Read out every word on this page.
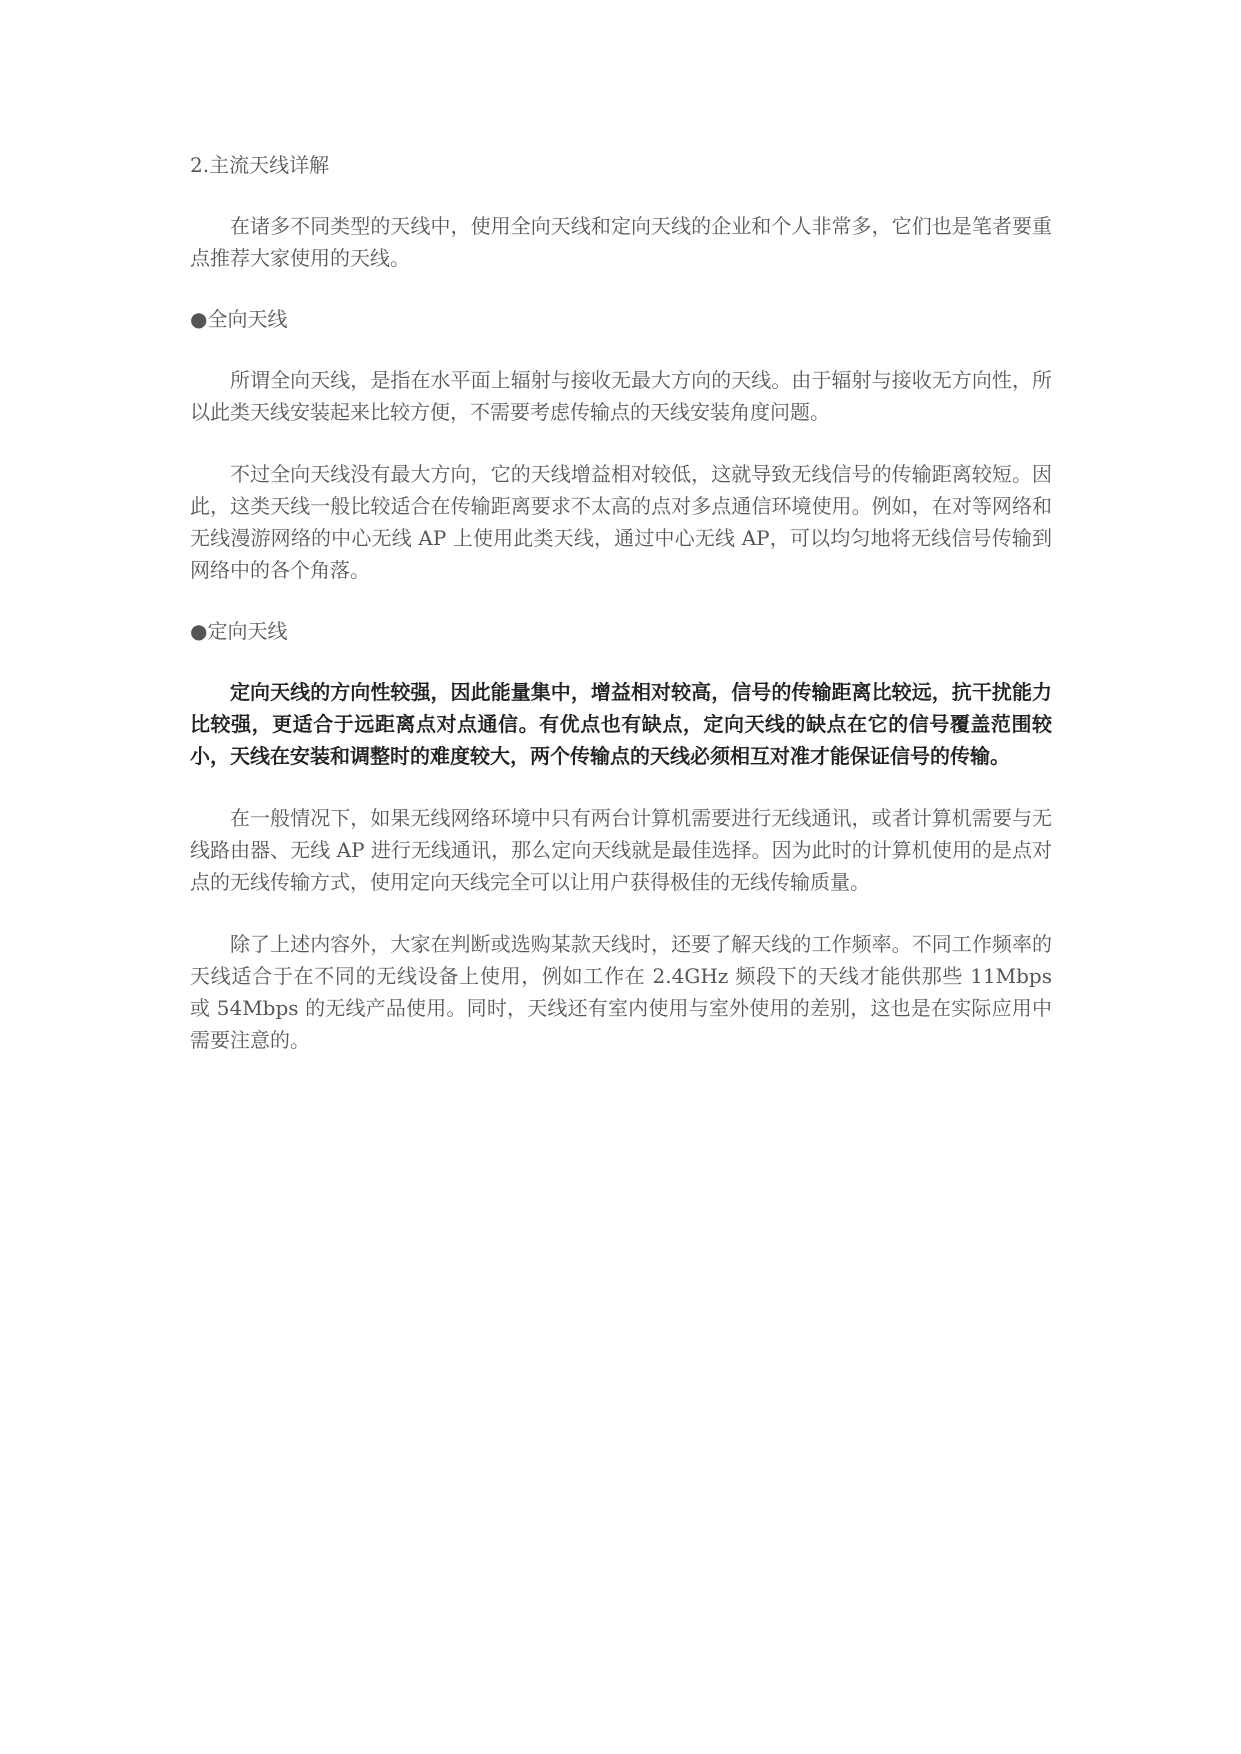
2.主流天线详解

在诸多不同类型的天线中，使用全向天线和定向天线的企业和个人非常多，它们也是笔者要重点推荐大家使用的天线。

●全向天线

所谓全向天线，是指在水平面上辐射与接收无最大方向的天线。由于辐射与接收无方向性，所以此类天线安装起来比较方便，不需要考虑传输点的天线安装角度问题。

不过全向天线没有最大方向，它的天线增益相对较低，这就导致无线信号的传输距离较短。因此，这类天线一般比较适合在传输距离要求不太高的点对多点通信环境使用。例如，在对等网络和无线漫游网络的中心无线 AP 上使用此类天线，通过中心无线 AP，可以均匀地将无线信号传输到网络中的各个角落。

●定向天线

定向天线的方向性较强，因此能量集中，增益相对较高，信号的传输距离比较远，抗干扰能力比较强，更适合于远距离点对点通信。有优点也有缺点，定向天线的缺点在它的信号覆盖范围较小，天线在安装和调整时的难度较大，两个传输点的天线必须相互对准才能保证信号的传输。

在一般情况下，如果无线网络环境中只有两台计算机需要进行无线通讯，或者计算机需要与无线路由器、无线 AP 进行无线通讯，那么定向天线就是最佳选择。因为此时的计算机使用的是点对点的无线传输方式，使用定向天线完全可以让用户获得极佳的无线传输质量。

除了上述内容外，大家在判断或选购某款天线时，还要了解天线的工作频率。不同工作频率的天线适合于在不同的无线设备上使用，例如工作在 2.4GHz 频段下的天线才能供那些 11Mbps 或 54Mbps 的无线产品使用。同时，天线还有室内使用与室外使用的差别，这也是在实际应用中需要注意的。
